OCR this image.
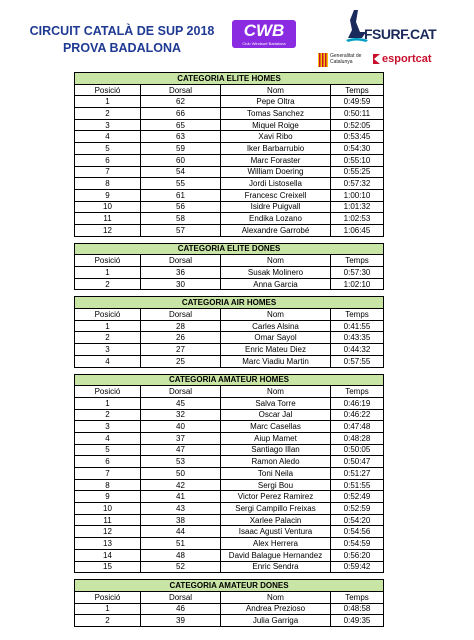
CIRCUIT CATALÀ DE SUP 2018
PROVA BADALONA
CWB
Club Windsurf Badalona
FSURF.CAT
Generalitat de Catalunya	esportcat
CATEGORIA ELITE HOMES			
Posició	Dorsal	Nom	Temps
1	62	Pepe Oltra	0:49:59
2	66	Tomas Sanchez	0:50:11
3	65	Miquel Roige	0:52:05
4	63	Xavi Ribo	0:53:45
5	59	Iker Barbarrubio	0:54:30
6	60	Marc Foraster	0:55:10
7	54	William Doering	0:55:25
8	55	Jordi Listosella	0:57:32
9	61	Francesc Creixell	1:00:10
10	56	Isidre Puigvall	1:01:32
11	58	Endika Lozano	1:02:53
12	57	Alexandre Garrobé	1:06:45
CATEGORIA ELITE DONES			
Posició	Dorsal	Nom	Temps
1	36	Susak Molinero	0:57:30
2	30	Anna Garcia	1:02:10
CATEGORIA AIR HOMES			
Posició	Dorsal	Nom	Temps
1	28	Carles Alsina	0:41:55
2	26	Omar Sayol	0:43:35
3	27	Enric Mateu Diez	0:44:32
4	25	Marc Viadiu Martin	0:57:55
CATEGORIA AMATEUR HOMES			
Posició	Dorsal	Nom	Temps
1	45	Salva Torre	0:46:19
2	32	Oscar Jal	0:46:22
3	40	Marc Casellas	0:47:48
4	37	Aiup Mamet	0:48:28
5	47	Santiago Illan	0:50:05
6	53	Ramon Aledo	0:50:47
7	50	Toni Neila	0:51:27
8	42	Sergi Bou	0:51:55
9	41	Victor Perez Ramirez	0:52:49
10	43	Sergi Campillo Freixas	0:52:59
11	38	Xarlee Palacin	0:54:20
12	44	Isaac Agustí Ventura	0:54:56
13	51	Alex Herrera	0:54:59
14	48	David Balague Hernandez	0:56:20
15	52	Enric Sendra	0:59:42
CATEGORIA AMATEUR DONES			
Posició	Dorsal	Nom	Temps
1	46	Andrea Prezioso	0:48:58
2	39	Julia Garriga	0:49:35
